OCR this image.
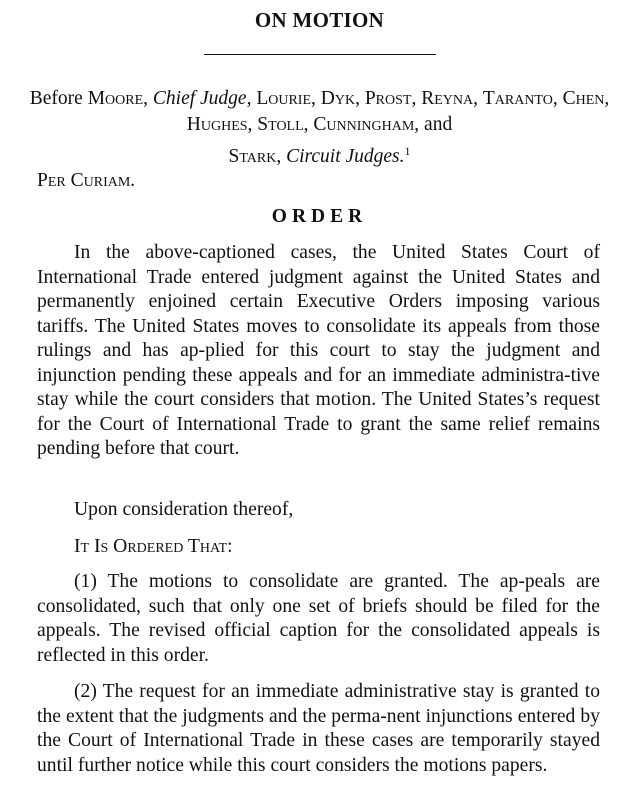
ON MOTION
Before Moore, Chief Judge, Lourie, Dyk, Prost, Reyna, Taranto, Chen, Hughes, Stoll, Cunningham, and
Stark, Circuit Judges.$^1$
Per Curiam.
ORDER

In the above-captioned cases, the United States Court of International Trade entered judgment against the United States and permanently enjoined certain Executive Orders imposing various tariffs. The United States moves to consolidate its appeals from those rulings and has ap-plied for this court to stay the judgment and injunction pending these appeals and for an immediate administra-tive stay while the court considers that motion. The United States’s request for the Court of International Trade to grant the same relief remains pending before that court.

Upon consideration thereof,

It Is Ordered That:

(1) The motions to consolidate are granted. The ap-peals are consolidated, such that only one set of briefs should be filed for the appeals. The revised official caption for the consolidated appeals is reflected in this order.

(2) The request for an immediate administrative stay is granted to the extent that the judgments and the perma-nent injunctions entered by the Court of International Trade in these cases are temporarily stayed until further notice while this court considers the motions papers.
